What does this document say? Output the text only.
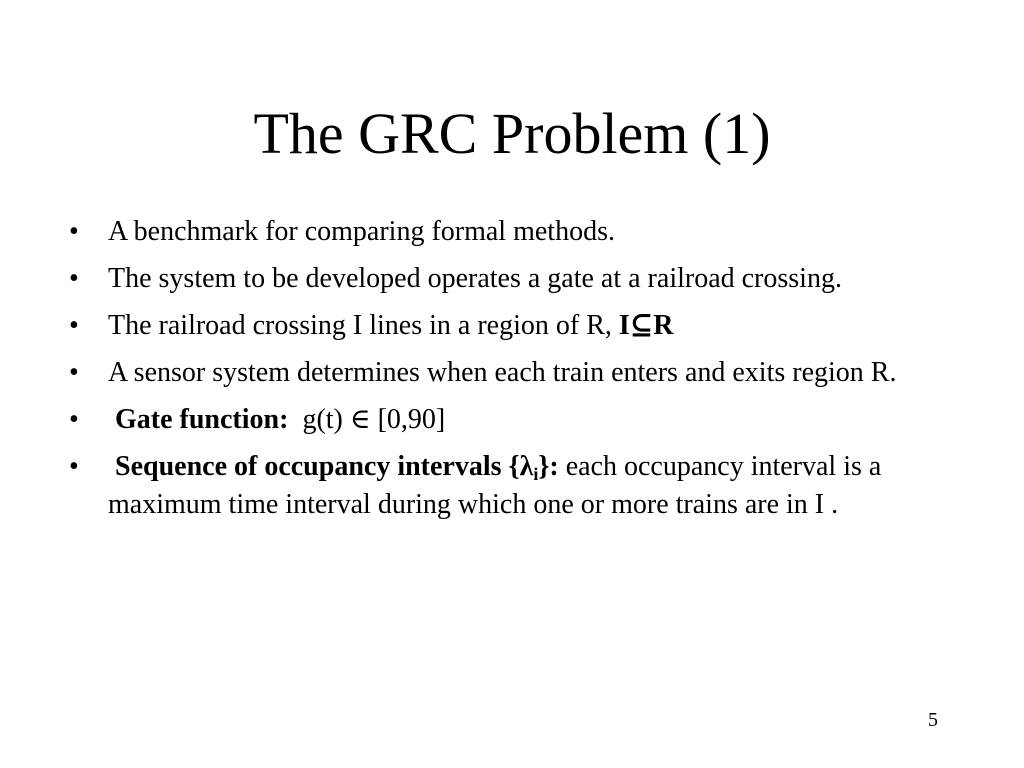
The GRC Problem (1)
• A benchmark for comparing formal methods.
• The system to be developed operates a gate at a railroad crossing.
• The railroad crossing I lines in a region of R, I⊆R
• A sensor system determines when each train enters and exits region R.
• Gate function: g(t) ∈ [0,90]
• Sequence of occupancy intervals $\{\lambda_i\}$: each occupancy interval is a maximum time interval during which one or more trains are in I .
5
